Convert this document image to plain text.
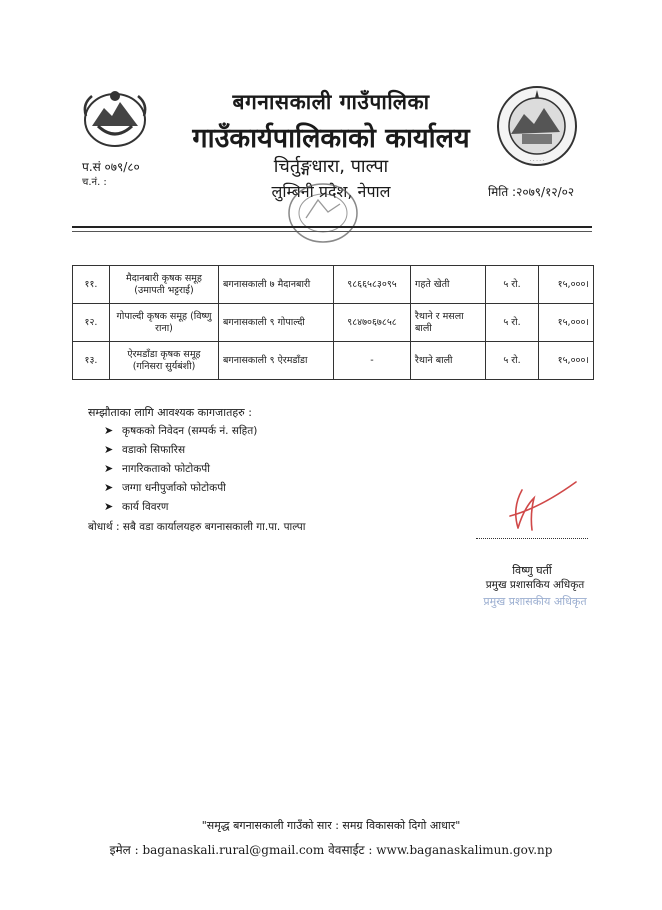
· · · · ·
बगनासकाली गाउँपालिका
गाउँकार्यपालिकाको कार्यालय
चिर्तुङ्गधारा, पाल्पा
लुम्बिनी प्रदेश, नेपाल
प.सं ०७९/८०
च.नं. :
मिति :२०७९/१२/०२
११.	मैदानबारी कृषक समूह (उमापती भट्टराई)	बगनासकाली ७ मैदानबारी	९८६६५८३०९५	गहते खेती	५ रो.	१५,०००।
१२.	गोपाल्दी कृषक समूह (विष्णु राना)	बगनासकाली ९ गोपाल्दी	९८४७०६७८५८	रैथाने र मसला बाली	५ रो.	१५,०००।
१३.	ऐरमडाँडा कृषक समूह (गनिसरा सुर्यबंशी)	बगनासकाली ९ ऐरमडाँडा	-	रैथाने बाली	५ रो.	१५,०००।
सम्झौताका लागि आवश्यक कागजातहरु :
➤ कृषकको निवेदन (सम्पर्क नं. सहित)
➤ वडाको सिफारिस
➤ नागरिकताको फोटोकपी
➤ जग्गा धनीपुर्जाको फोटोकपी
➤ कार्य विवरण
बोधार्थ : सबै वडा कार्यालयहरु बगनासकाली गा.पा. पाल्पा
विष्णु घर्ती
प्रमुख प्रशासकिय अधिकृत
प्रमुख प्रशासकीय अधिकृत
"समृद्ध बगनासकाली गाउँको सार : समग्र विकासको दिगो आधार"
इमेल : baganaskali.rural@gmail.com वेवसाईट : www.baganaskalimun.gov.np
